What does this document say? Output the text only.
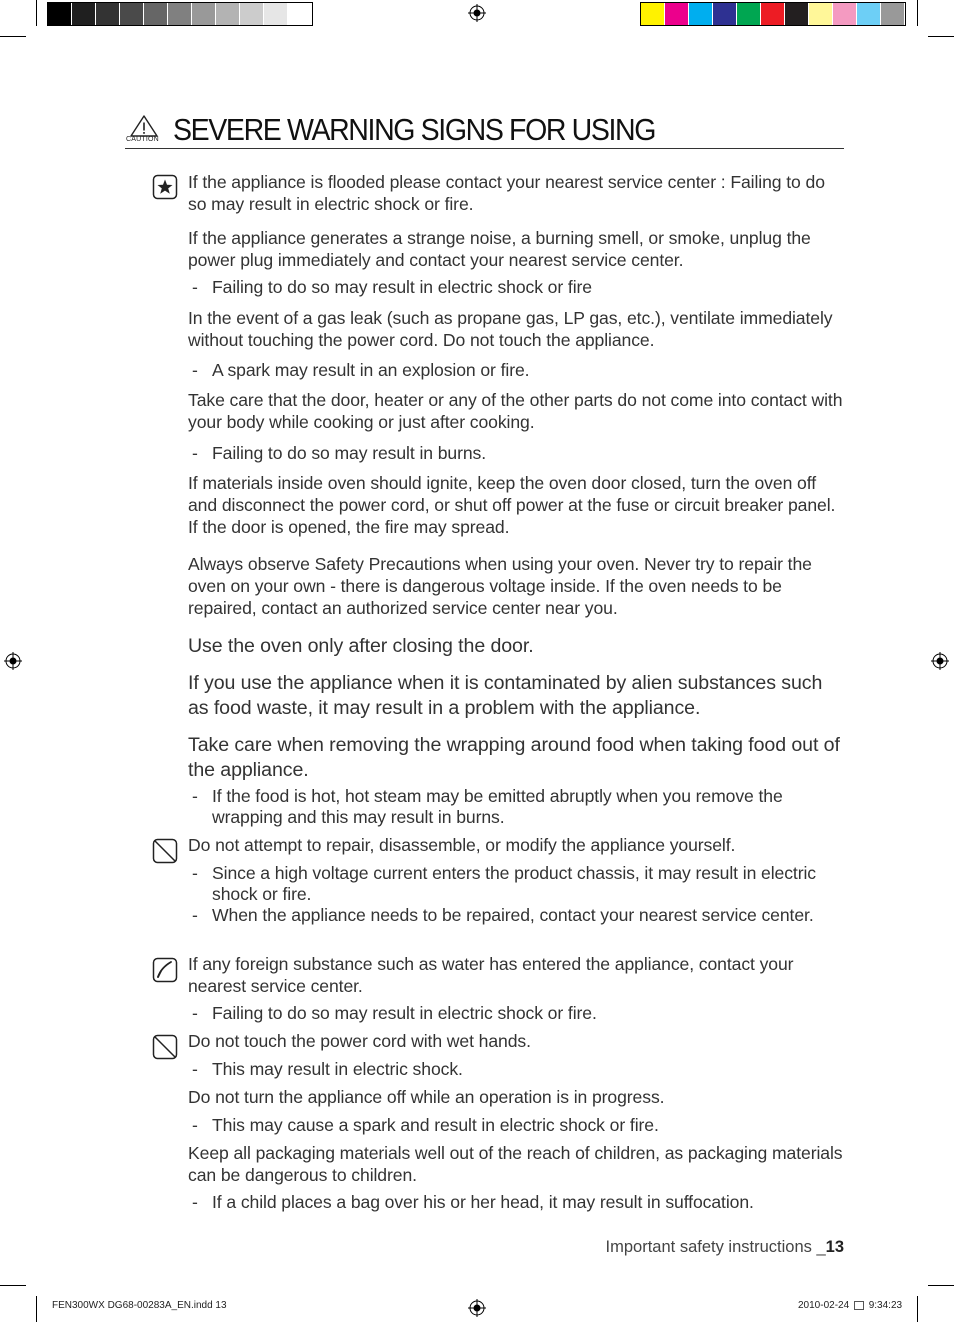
CAUTION SEVERE WARNING SIGNS FOR USING
If the appliance is flooded please contact your nearest service center : Failing to do so may result in electric shock or fire.
If the appliance generates a strange noise, a burning smell, or smoke, unplug the power plug immediately and contact your nearest service center.
- Failing to do so may result in electric shock or fire
In the event of a gas leak (such as propane gas, LP gas, etc.), ventilate immediately without touching the power cord. Do not touch the appliance.
- A spark may result in an explosion or fire.
Take care that the door, heater or any of the other parts do not come into contact with your body while cooking or just after cooking.
- Failing to do so may result in burns.
If materials inside oven should ignite, keep the oven door closed, turn the oven off and disconnect the power cord, or shut off power at the fuse or circuit breaker panel. If the door is opened, the fire may spread.
Always observe Safety Precautions when using your oven. Never try to repair the oven on your own - there is dangerous voltage inside. If the oven needs to be repaired, contact an authorized service center near you.
Use the oven only after closing the door.
If you use the appliance when it is contaminated by alien substances such as food waste, it may result in a problem with the appliance.
Take care when removing the wrapping around food when taking food out of the appliance.
- If the food is hot, hot steam may be emitted abruptly when you remove the wrapping and this may result in burns.
Do not attempt to repair, disassemble, or modify the appliance yourself.
- Since a high voltage current enters the product chassis, it may result in electric shock or fire.
- When the appliance needs to be repaired, contact your nearest service center.
If any foreign substance such as water has entered the appliance, contact your nearest service center.
- Failing to do so may result in electric shock or fire.
Do not touch the power cord with wet hands.
- This may result in electric shock.
Do not turn the appliance off while an operation is in progress.
- This may cause a spark and result in electric shock or fire.
Keep all packaging materials well out of the reach of children, as packaging materials can be dangerous to children.
- If a child places a bag over his or her head, it may result in suffocation.
Important safety instructions _13
FEN300WX DG68-00283A_EN.indd 13	2010-02-24 9:34:23
